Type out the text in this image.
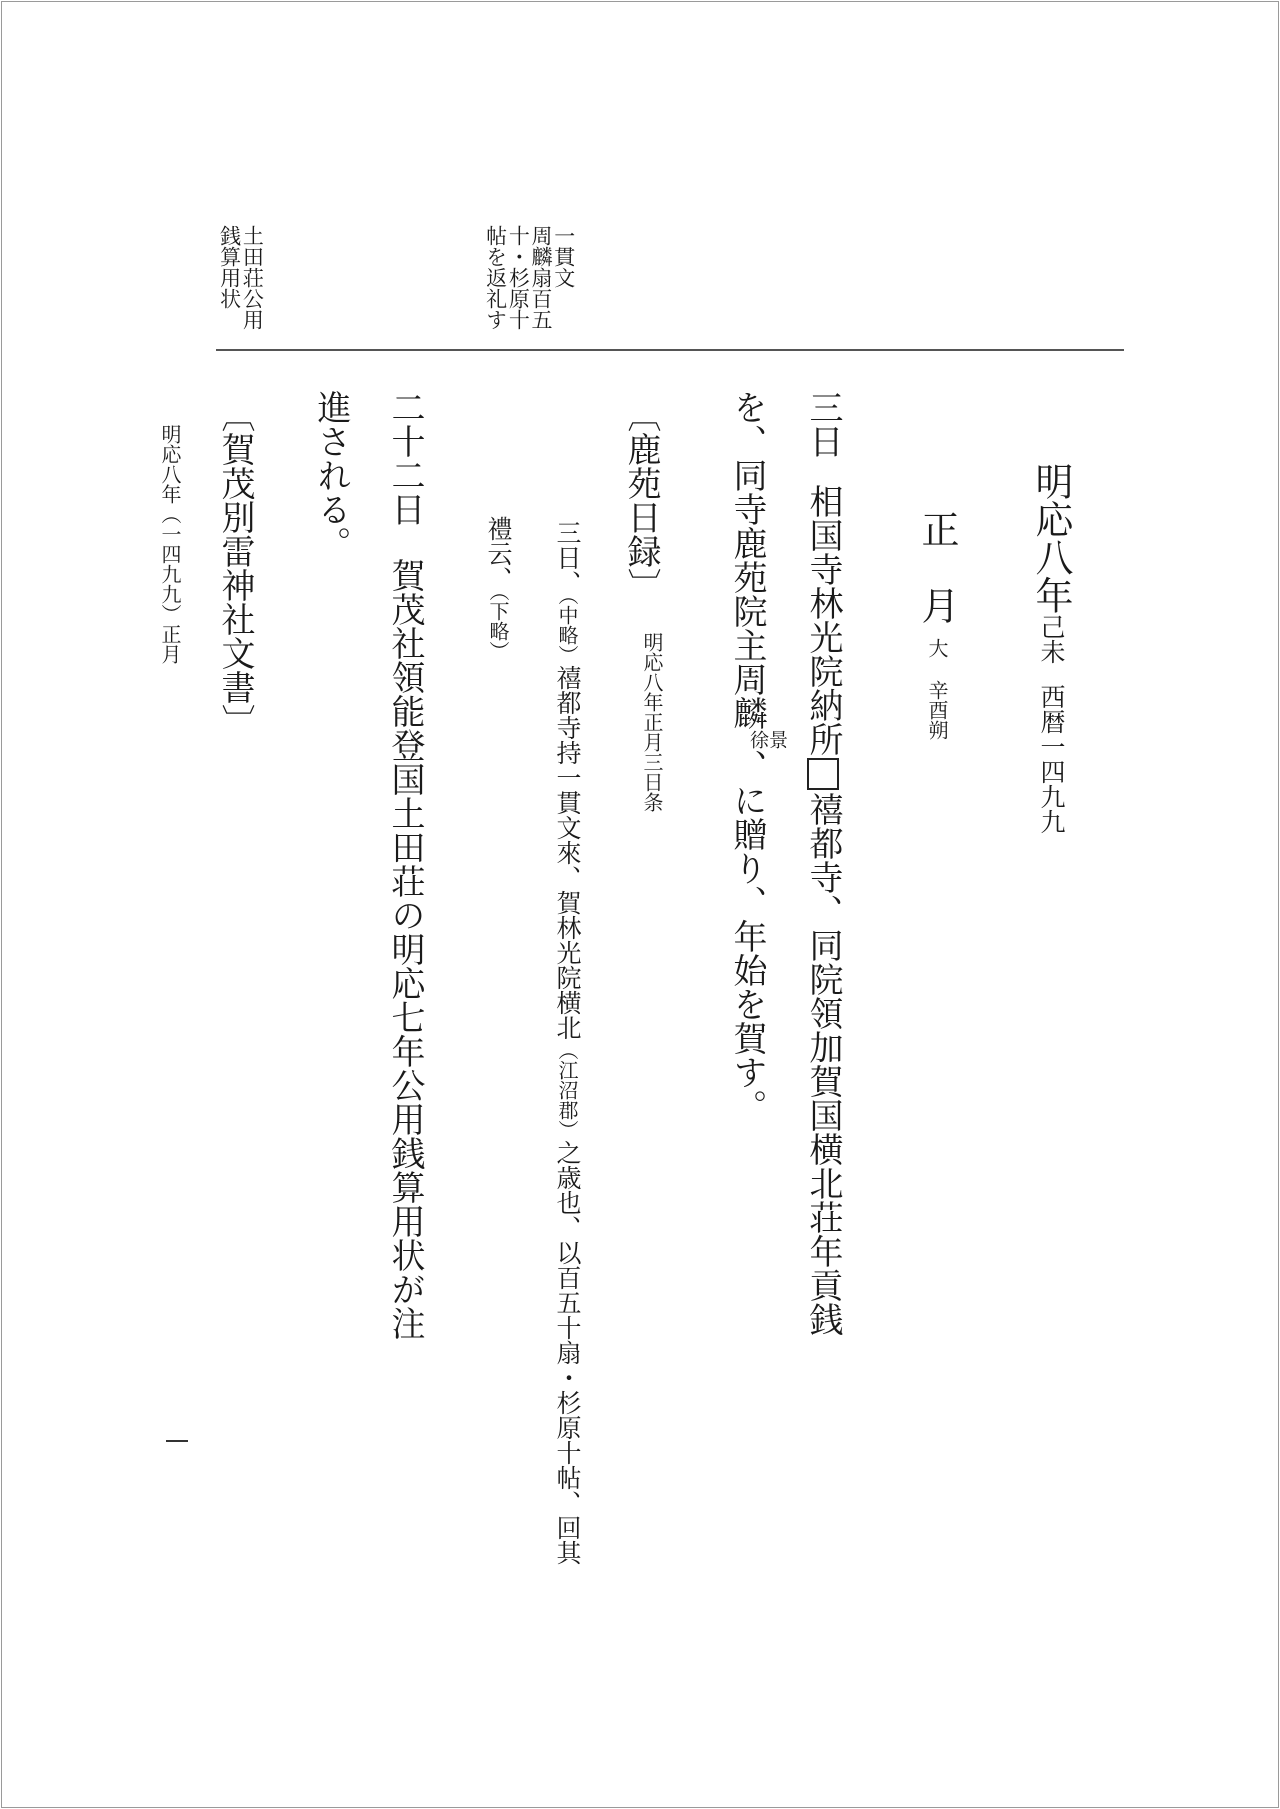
一貫文
周麟扇百五
十・杉原十
帖を返礼す
土田荘公用
銭算用状
明応八年己未西暦一四九九
正　月大辛酉朔
三日相国寺林光院納所禧都寺、同院領加賀国横北荘年貢銭
を、同寺鹿苑院主周麟景
徐、に贈り、年始を賀す。
〔鹿苑日録〕
明応八年正月三日条
三日、（中略）禧都寺持一貫文來、賀林光院横北（江沼郡）之歳也、以百五十扇・杉原十帖、回其
禮云、（下略）
二十二日賀茂社領能登国土田荘の明応七年公用銭算用状が注
進される。
〔賀茂別雷神社文書〕
明応八年（一四九九）正月
